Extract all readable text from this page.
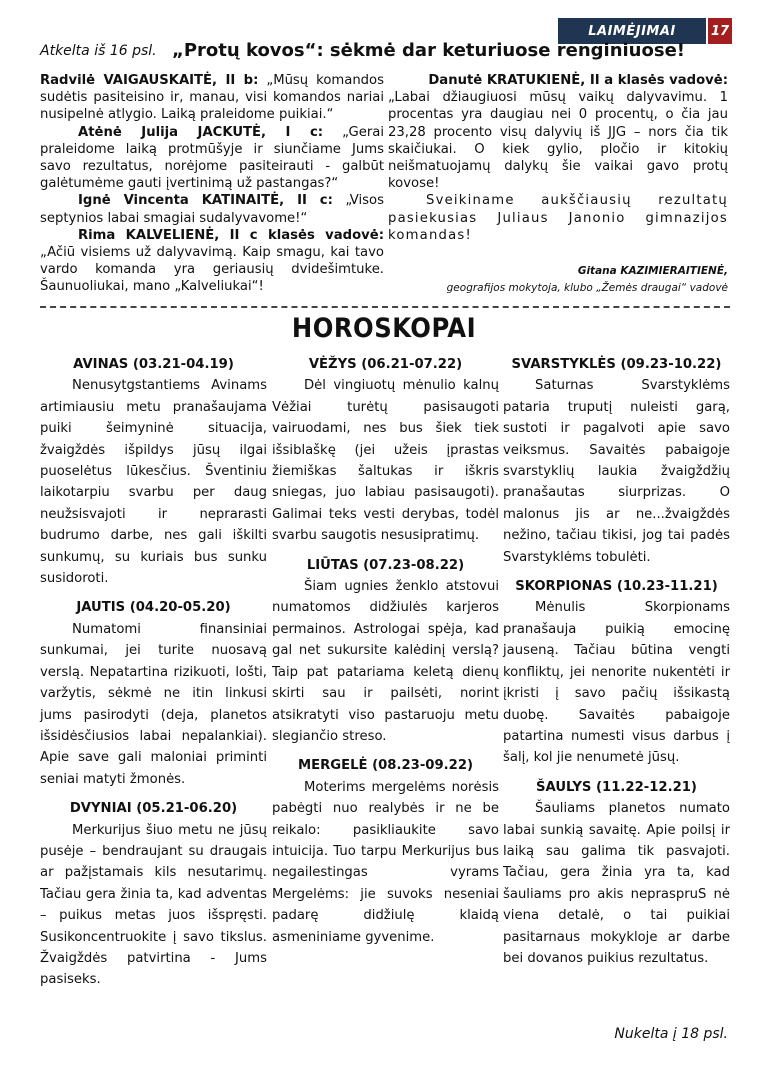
LAIMĖJIMAI	17
Atkelta iš 16 psl. „Protų kovos“: sėkmė dar keturiuose renginiuose!

Radvilė VAIGAUSKAITĖ, II b: „Mūsų komandos sudėtis pasiteisino ir, manau, visi komandos nariai nusipelnė atlygio. Laiką praleidome puikiai.“

Atėnė Julija JACKUTĖ, I c: „Gerai praleidome laiką protmūšyje ir siunčiame Jums savo rezultatus, norėjome pasiteirauti - galbūt galėtumėme gauti įvertinimą už pastangas?“

Ignė Vincenta KATINAITĖ, II c: „Visos septynios labai smagiai sudalyvavome!“

Rima KALVELIENĖ, II c klasės vadovė: „Ačiū visiems už dalyvavimą. Kaip smagu, kai tavo vardo komanda yra geriausių dvidešimtuke. Šaunuoliukai, mano „Kalveliukai“!

Danutė KRATUKIENĖ, II a klasės vadovė:
„Labai džiaugiuosi mūsų vaikų dalyvavimu. 1 procentas yra daugiau nei 0 procentų, o čia jau 23,28 procento visų dalyvių iš JJG – nors čia tik skaičiukai. O kiek gylio, pločio ir kitokių neišmatuojamų dalykų šie vaikai gavo protų kovose!

Sveikiname aukščiausių rezultatų pasiekusias Juliaus Janonio gimnazijos komandas!

Gitana KAZIMIERAITIENĖ,
geografijos mokytoja, klubo „Žemės draugai“ vadovė
HOROSKOPAI
AVINAS (03.21-04.19)

Nenusytgstantiems Avinams artimiausiu metu pranašaujama puiki šeimyninė situacija, žvaigždės išpildys jūsų ilgai puoselėtus lūkesčius. Šventiniu laikotarpiu svarbu per daug neužsisvajoti ir neprarasti budrumo darbe, nes gali iškilti sunkumų, su kuriais bus sunku susidoroti.

JAUTIS (04.20-05.20)

Numatomi finansiniai sunkumai, jei turite nuosavą verslą. Nepatartina rizikuoti, lošti, varžytis, sėkmė ne itin linkusi jums pasirodyti (deja, planetos išsidėsčiusios labai nepalankiai). Apie save gali maloniai priminti seniai matyti žmonės.

DVYNIAI (05.21-06.20)

Merkurijus šiuo metu ne jūsų pusėje – bendraujant su draugais ar pažįstamais kils nesutarimų. Tačiau gera žinia ta, kad adventas – puikus metas juos išspręsti. Susikoncentruokite į savo tikslus. Žvaigždės patvirtina - Jums pasiseks.

VĖŽYS (06.21-07.22)

Dėl vingiuotų mėnulio kalnų Vėžiai turėtų pasisaugoti vairuodami, nes bus šiek tiek išsiblaškę (jei užeis įprastas žiemiškas šaltukas ir iškris sniegas, juo labiau pasisaugoti). Galimai teks vesti derybas, todėl svarbu saugotis nesusipratimų.

LIŪTAS (07.23-08.22)

Šiam ugnies ženklo atstovui numatomos didžiulės karjeros permainos. Astrologai spėja, kad gal net sukursite kalėdinį verslą? Taip pat patariama keletą dienų skirti sau ir pailsėti, norint atsikratyti viso pastaruoju metu slegiančio streso.

MERGELĖ (08.23-09.22)

Moterims mergelėms norėsis pabėgti nuo realybės ir ne be reikalo: pasikliaukite savo intuicija. Tuo tarpu Merkurijus bus negailestingas vyrams Mergelėms: jie suvoks neseniai padarę didžiulę klaidą asmeniniame gyvenime.

SVARSTYKLĖS (09.23-10.22)

Saturnas Svarstyklėms pataria truputį nuleisti garą, sustoti ir pagalvoti apie savo veiksmus. Savaitės pabaigoje svarstyklių laukia žvaigždžių pranašautas siurprizas. O malonus jis ar ne...žvaigždės nežino, tačiau tikisi, jog tai padės Svarstyklėms tobulėti.

SKORPIONAS (10.23-11.21)

Mėnulis Skorpionams pranašauja puikią emocinę jauseną. Tačiau būtina vengti konfliktų, jei nenorite nukentėti ir įkristi į savo pačių išsikastą duobę. Savaitės pabaigoje patartina numesti visus darbus į šalį, kol jie nenumetė jūsų.

ŠAULYS (11.22-12.21)

Šauliams planetos numato labai sunkią savaitę. Apie poilsį ir laiką sau galima tik pasvajoti. Tačiau, gera žinia yra ta, kad šauliams pro akis nepraspruS nė viena detalė, o tai puikiai pasitarnaus mokykloje ar darbe bei dovanos puikius rezultatus.

Nukelta į 18 psl.
